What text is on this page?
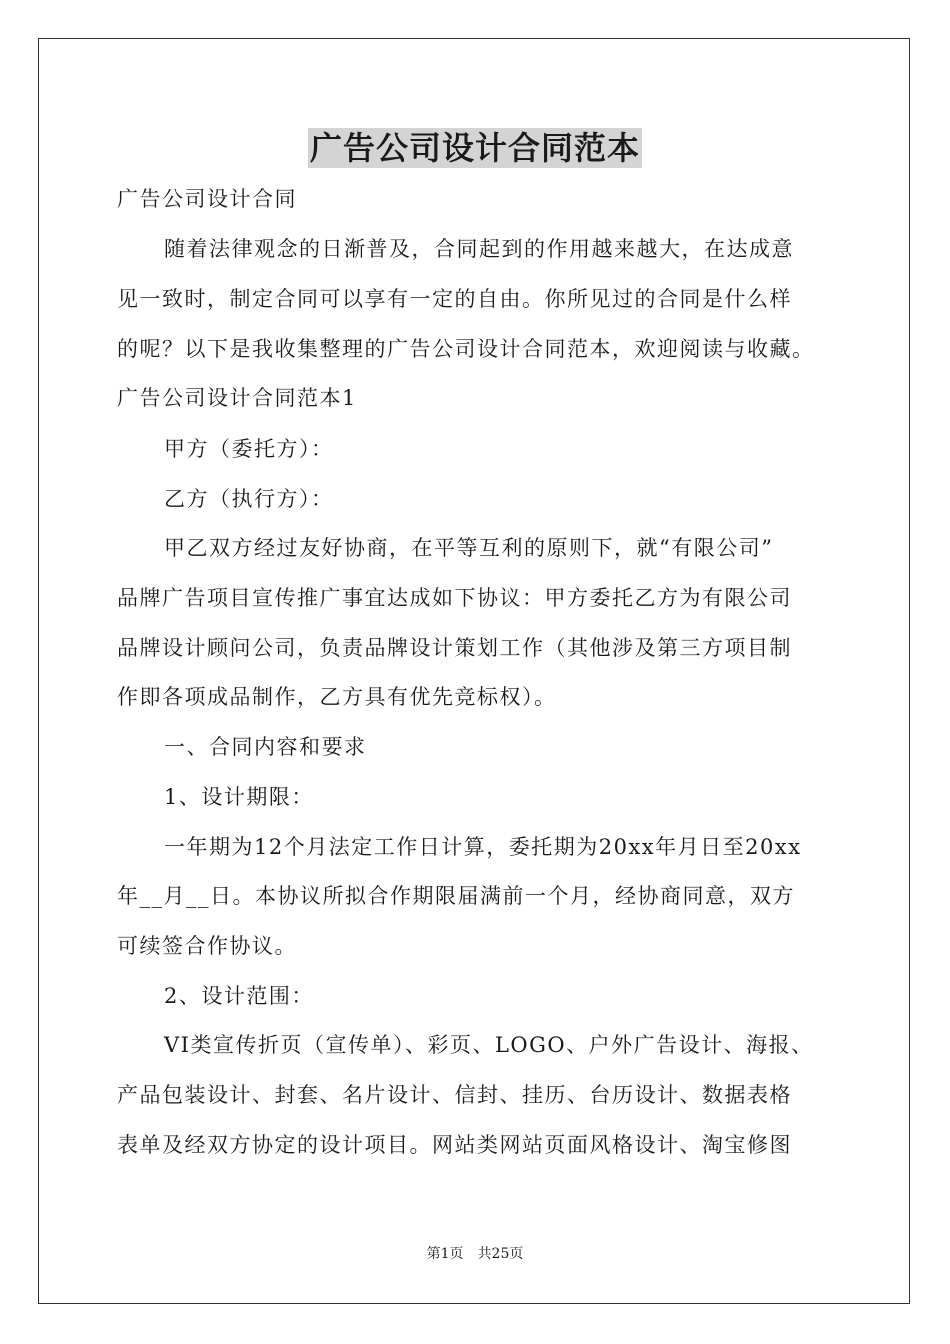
广告公司设计合同范本

广告公司设计合同

随着法律观念的日渐普及，合同起到的作用越来越大，在达成意

见一致时，制定合同可以享有一定的自由。你所见过的合同是什么样

的呢？以下是我收集整理的广告公司设计合同范本，欢迎阅读与收藏。

广告公司设计合同范本1

甲方（委托方）：

乙方（执行方）：

甲乙双方经过友好协商，在平等互利的原则下，就“有限公司”

品牌广告项目宣传推广事宜达成如下协议：甲方委托乙方为有限公司

品牌设计顾问公司，负责品牌设计策划工作（其他涉及第三方项目制

作即各项成品制作，乙方具有优先竞标权）。

一、合同内容和要求

1、设计期限：

一年期为12个月法定工作日计算，委托期为20xx年月日至20xx

年__月__日。本协议所拟合作期限届满前一个月，经协商同意，双方

可续签合作协议。

2、设计范围：

VI类宣传折页（宣传单）、彩页、LOGO、户外广告设计、海报、

产品包装设计、封套、名片设计、信封、挂历、台历设计、数据表格

表单及经双方协定的设计项目。网站类网站页面风格设计、淘宝修图

第1页 共25页
